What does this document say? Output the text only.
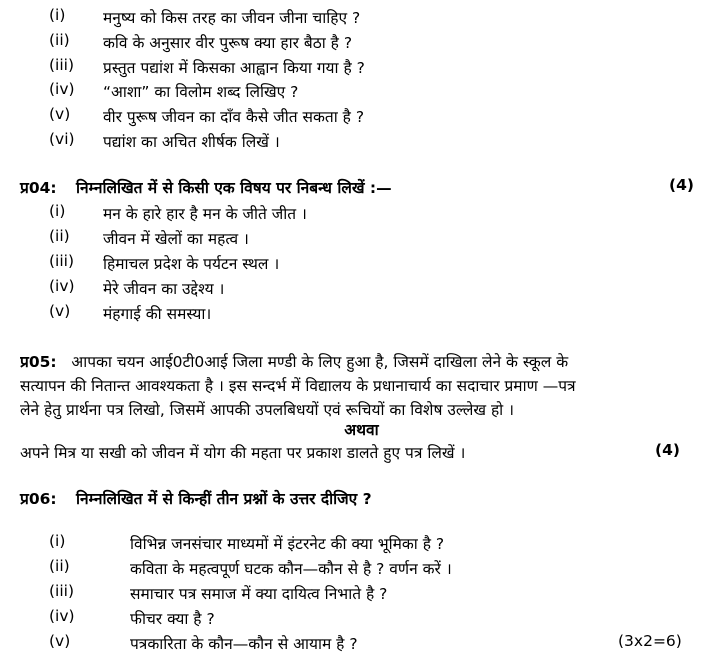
(i) मनुष्य को किस तरह का जीवन जीना चाहिए ?
(ii) कवि के अनुसार वीर पुरूष क्या हार बैठा है ?
(iii) प्रस्तुत पद्यांश में किसका आह्वान किया गया है ?
(iv) “आशा” का विलोम शब्द लिखिए ?
(v) वीर पुरूष जीवन का दाँव कैसे जीत सकता है ?
(vi) पद्यांश का अचित शीर्षक लिखें ।
प्र04: निम्नलिखित में से किसी एक विषय पर निबन्ध लिखें :—	(4)
(i) मन के हारे हार है मन के जीते जीत ।
(ii) जीवन में खेलों का महत्व ।
(iii) हिमाचल प्रदेश के पर्यटन स्थल ।
(iv) मेरे जीवन का उद्देश्य ।
(v) मंहगाई की समस्या।
प्र05: आपका चयन आई0टी0आई जिला मण्डी के लिए हुआ है, जिसमें दाखिला लेने के स्कूल के
सत्यापन की नितान्त आवश्यकता है । इस सन्दर्भ में विद्यालय के प्रधानाचार्य का सदाचार प्रमाण —पत्र
लेने हेतु प्रार्थना पत्र लिखो, जिसमें आपकी उपलबिधयों एवं रूचियों का विशेष उल्लेख हो ।
अथवा
अपने मित्र या सखी को जीवन में योग की महता पर प्रकाश डालते हुए पत्र लिखें ।	(4)
प्र06: निम्नलिखित में से किन्हीं तीन प्रश्नों के उत्तर दीजिए ?
(i)	विभिन्न जनसंचार माध्यमों में इंटरनेट की क्या भूमिका है ?
(ii)	कविता के महत्वपूर्ण घटक कौन—कौन से है ? वर्णन करें ।
(iii)	समाचार पत्र समाज में क्या दायित्व निभाते है ?
(iv)	फीचर क्या है ?
(v)	पत्रकारिता के कौन—कौन से आयाम है ?	(3x2=6)
